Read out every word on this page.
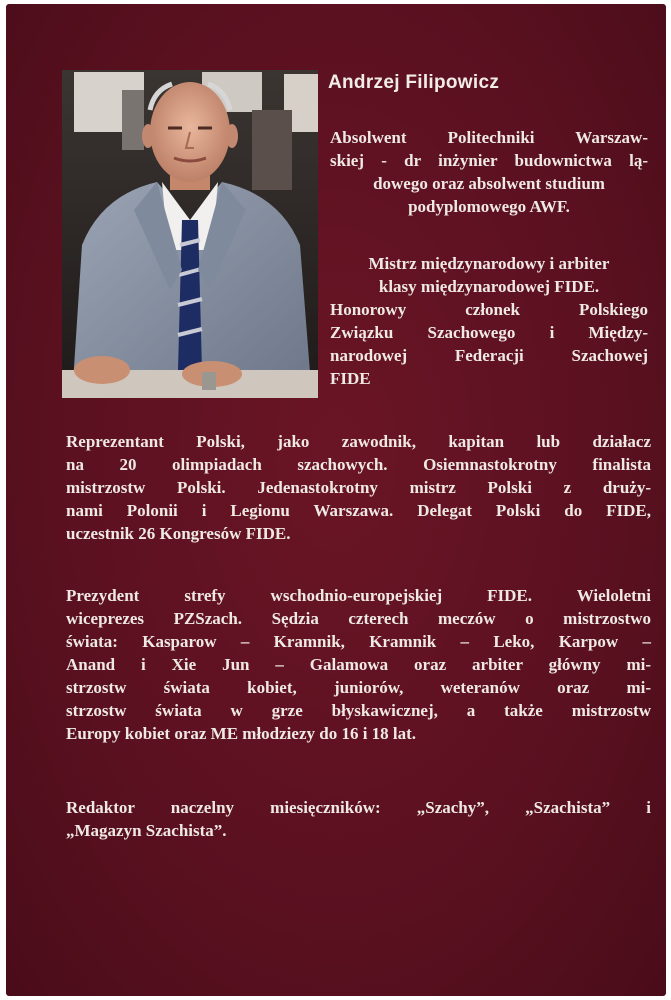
Andrzej Filipowicz

Absolwent Politechniki Warszaw-
skiej - dr inżynier budownictwa lą-
dowego oraz absolwent studium
podyplomowego AWF.

Mistrz międzynarodowy i arbiter
klasy międzynarodowej FIDE.
Honorowy członek Polskiego
Związku Szachowego i Między-
narodowej Federacji Szachowej
FIDE

Reprezentant Polski, jako zawodnik, kapitan lub działacz
na 20 olimpiadach szachowych. Osiemnastokrotny finalista
mistrzostw Polski. Jedenastokrotny mistrz Polski z druży-
nami Polonii i Legionu Warszawa. Delegat Polski do FIDE,
uczestnik 26 Kongresów FIDE.

Prezydent strefy wschodnio-europejskiej FIDE. Wieloletni
wiceprezes PZSzach. Sędzia czterech meczów o mistrzostwo
świata: Kasparow – Kramnik, Kramnik – Leko, Karpow –
Anand i Xie Jun – Galamowa oraz arbiter główny mi-
strzostw świata kobiet, juniorów, weteranów oraz mi-
strzostw świata w grze błyskawicznej, a także mistrzostw
Europy kobiet oraz ME młodziezy do 16 i 18 lat.

Redaktor naczelny miesięczników: „Szachy”, „Szachista” i
„Magazyn Szachista”.
